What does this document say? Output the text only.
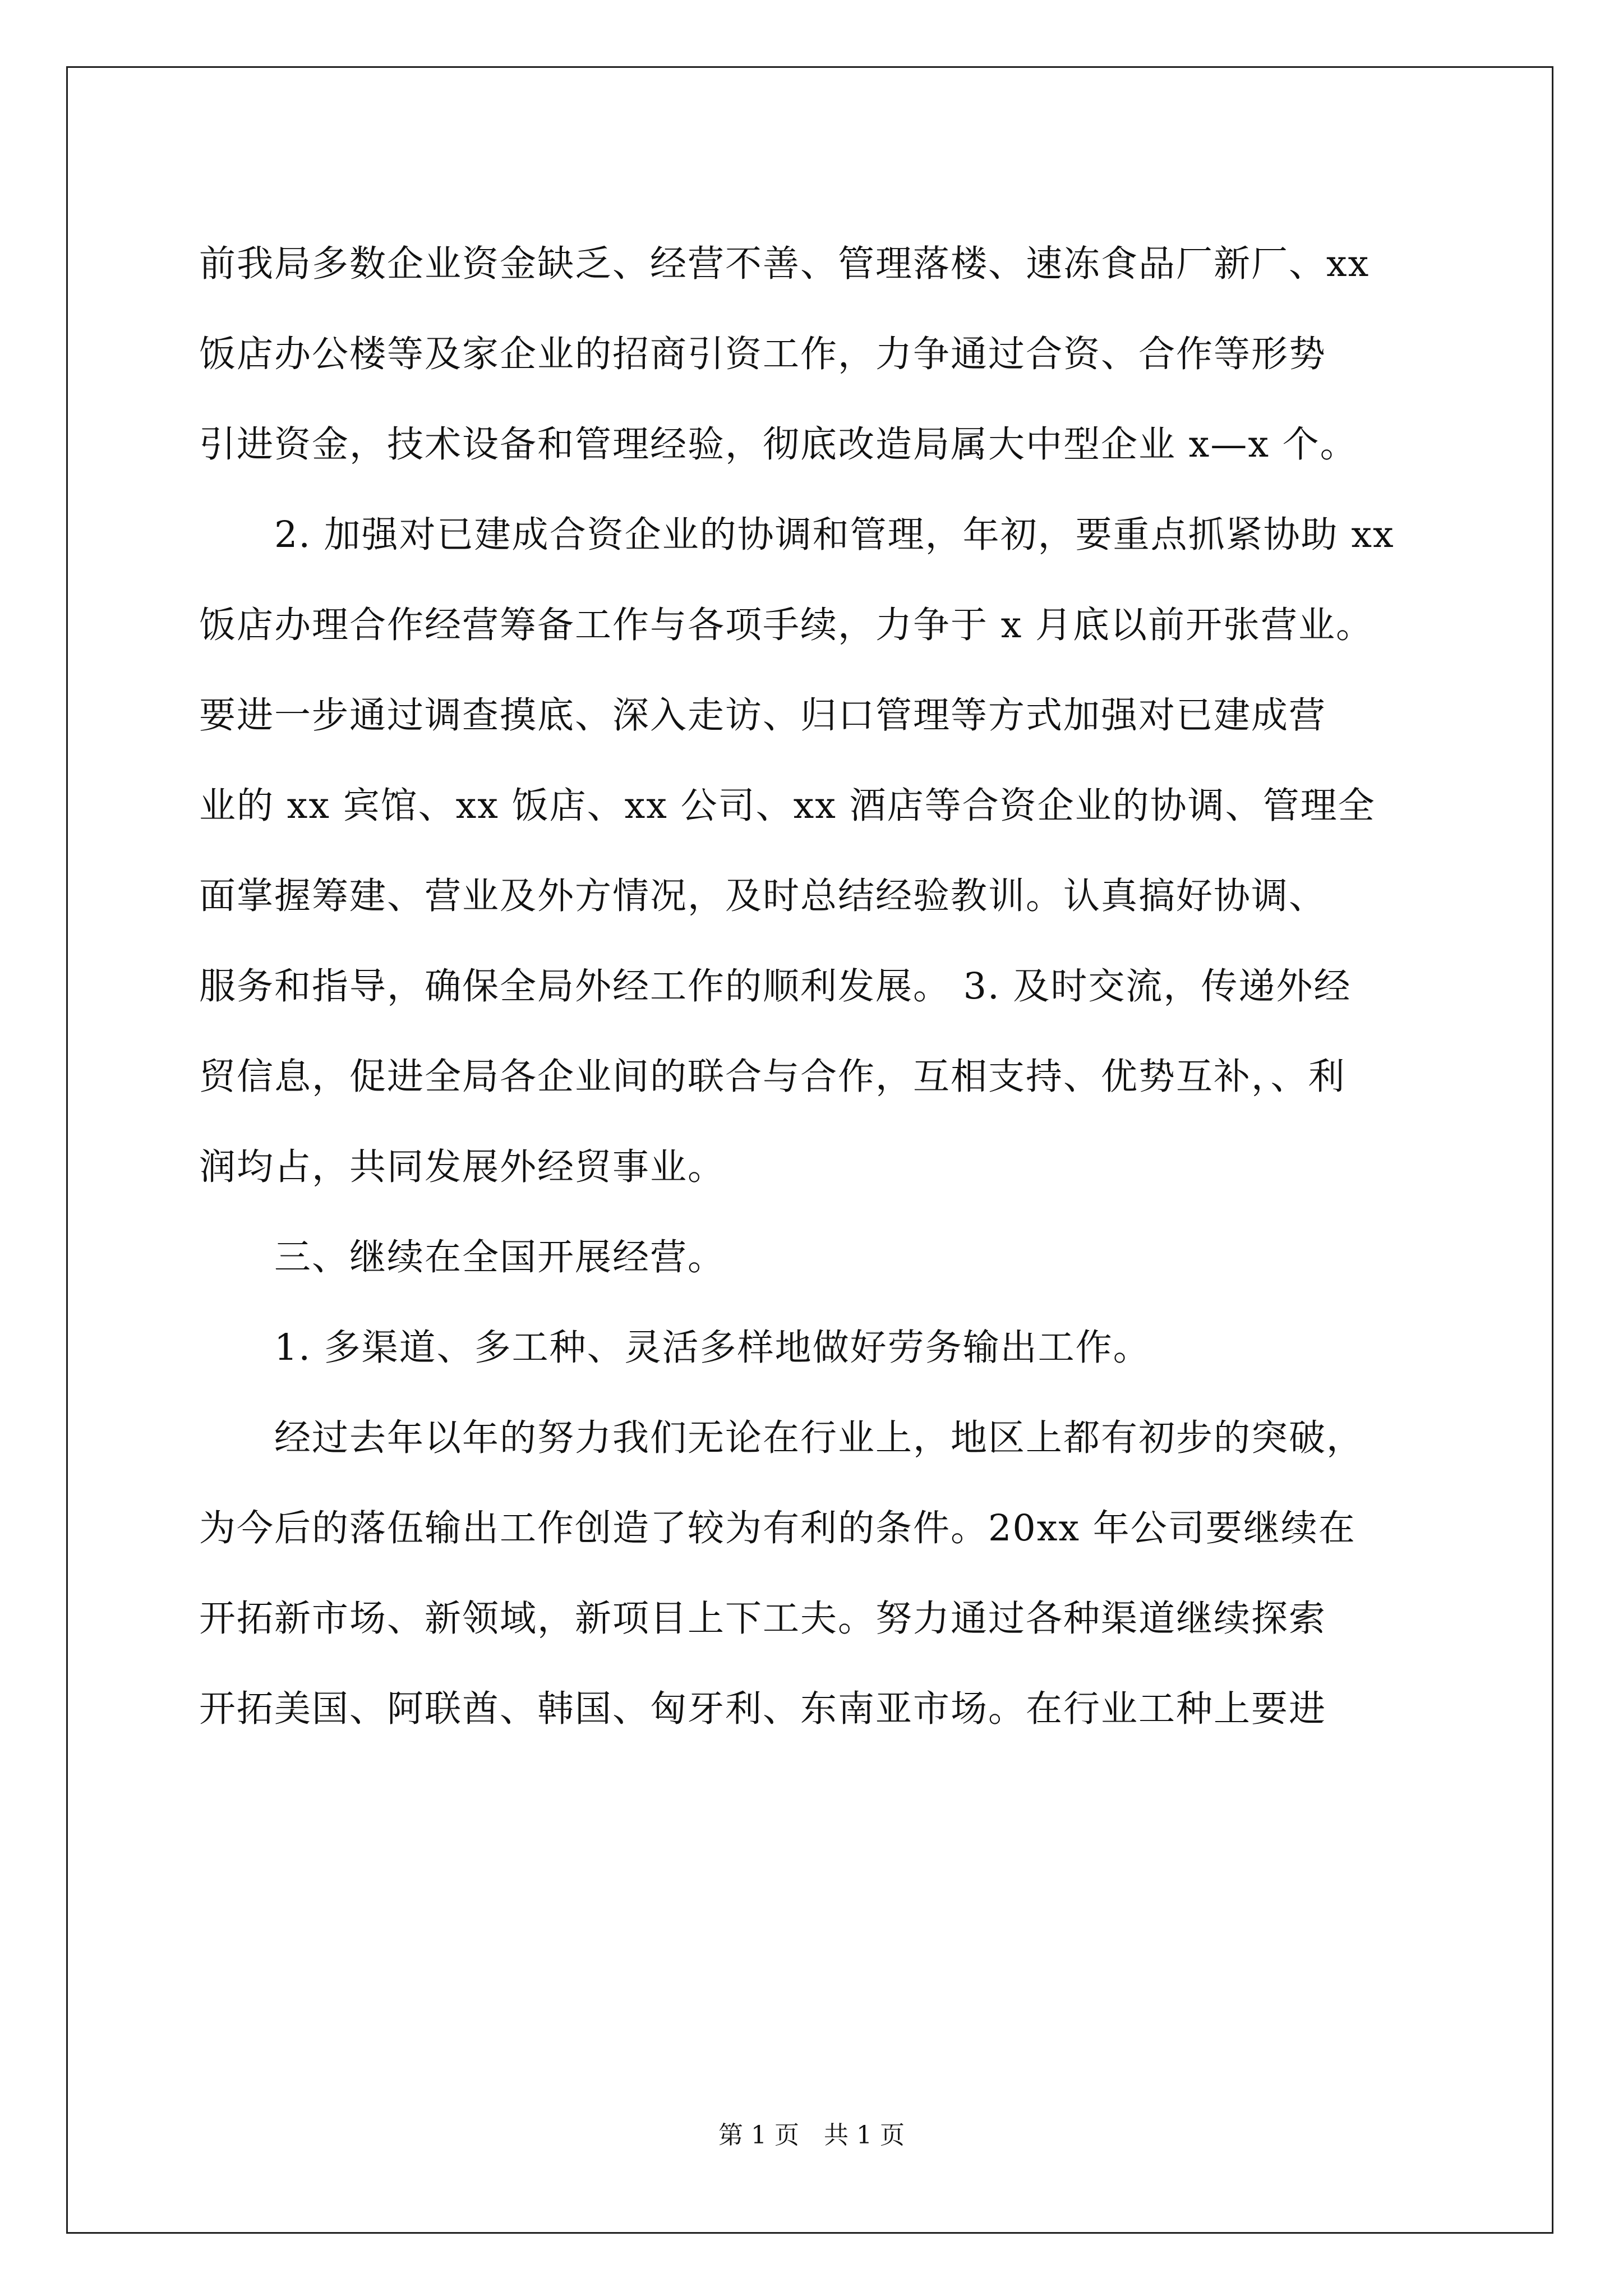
前我局多数企业资金缺乏、经营不善、管理落楼、速冻食品厂新厂、xx

饭店办公楼等及家企业的招商引资工作，力争通过合资、合作等形势

引进资金，技术设备和管理经验，彻底改造局属大中型企业 x—x 个。

2. 加强对已建成合资企业的协调和管理，年初，要重点抓紧协助 xx

饭店办理合作经营筹备工作与各项手续，力争于 x 月底以前开张营业。

要进一步通过调查摸底、深入走访、归口管理等方式加强对已建成营

业的 xx 宾馆、xx 饭店、xx 公司、xx 酒店等合资企业的协调、管理全

面掌握筹建、营业及外方情况，及时总结经验教训。认真搞好协调、

服务和指导，确保全局外经工作的顺利发展。 3. 及时交流，传递外经

贸信息，促进全局各企业间的联合与合作，互相支持、优势互补，、利

润均占，共同发展外经贸事业。

三、继续在全国开展经营。

1. 多渠道、多工种、灵活多样地做好劳务输出工作。

经过去年以年的努力我们无论在行业上，地区上都有初步的突破，

为今后的落伍输出工作创造了较为有利的条件。20xx 年公司要继续在

开拓新市场、新领域，新项目上下工夫。努力通过各种渠道继续探索

开拓美国、阿联酋、韩国、匈牙利、东南亚市场。在行业工种上要进

第 1 页　共 1 页
